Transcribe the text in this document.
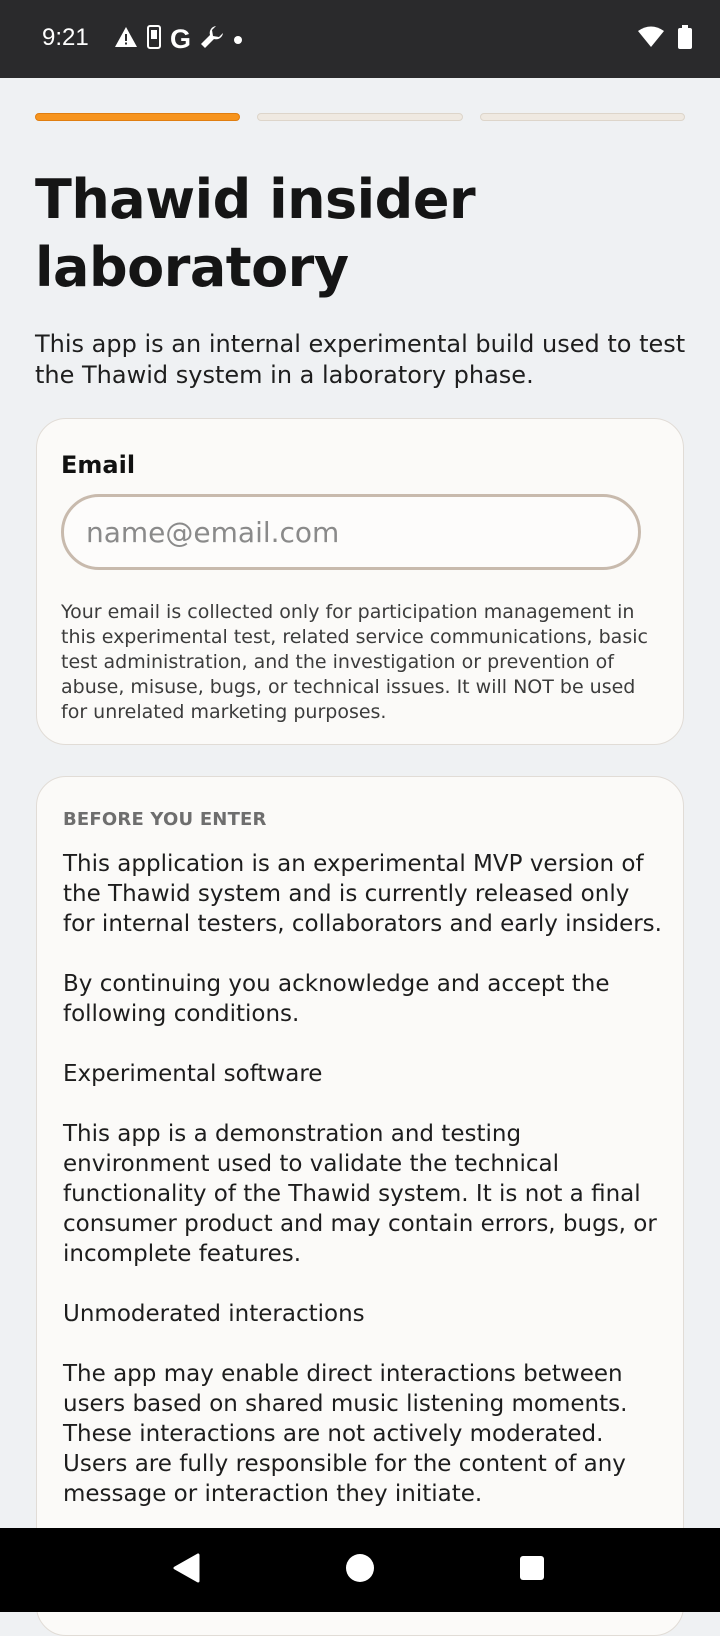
9:21	G
Thawid insider laboratory

This app is an internal experimental build used to test the Thawid system in a laboratory phase.

Email
name@email.com

Your email is collected only for participation management in this experimental test, related service communications, basic test administration, and the investigation or prevention of abuse, misuse, bugs, or technical issues. It will NOT be used for unrelated marketing purposes.

BEFORE YOU ENTER

This application is an experimental MVP version of the Thawid system and is currently released only for internal testers, collaborators and early insiders.

By continuing you acknowledge and accept the following conditions.

Experimental software

This app is a demonstration and testing environment used to validate the technical functionality of the Thawid system. It is not a final consumer product and may contain errors, bugs, or incomplete features.

Unmoderated interactions

The app may enable direct interactions between users based on shared music listening moments. These interactions are not actively moderated. Users are fully responsible for the content of any message or interaction they initiate.
